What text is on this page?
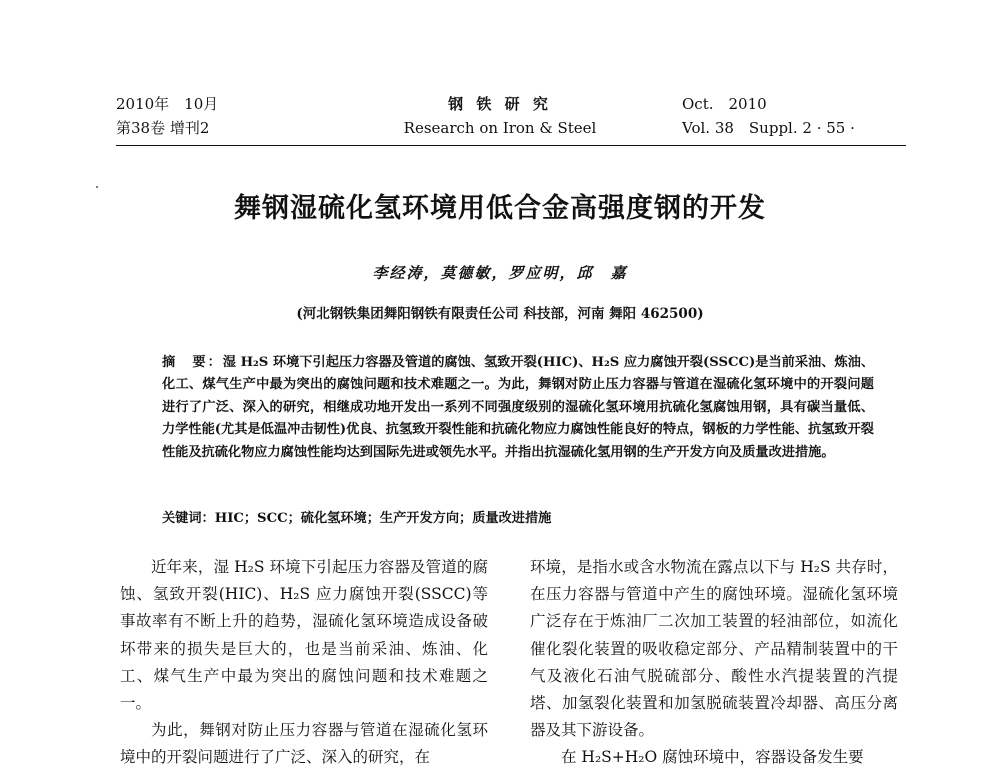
2010年　10月
第38卷 增刊2
钢 铁 研 究
Research on Iron & Steel
Oct.　2010
Vol. 38　Suppl. 2 · 55 ·
舞钢湿硫化氢环境用低合金高强度钢的开发
李经涛，莫德敏，罗应明，邱　嘉
(河北钢铁集团舞阳钢铁有限责任公司 科技部，河南 舞阳 462500)
摘　要：湿 H₂S 环境下引起压力容器及管道的腐蚀、氢致开裂(HIC)、H₂S 应力腐蚀开裂(SSCC)是当前采油、炼油、化工、煤气生产中最为突出的腐蚀问题和技术难题之一。为此，舞钢对防止压力容器与管道在湿硫化氢环境中的开裂问题进行了广泛、深入的研究，相继成功地开发出一系列不同强度级别的湿硫化氢环境用抗硫化氢腐蚀用钢，具有碳当量低、力学性能(尤其是低温冲击韧性)优良、抗氢致开裂性能和抗硫化物应力腐蚀性能良好的特点，钢板的力学性能、抗氢致开裂性能及抗硫化物应力腐蚀性能均达到国际先进或领先水平。并指出抗湿硫化氢用钢的生产开发方向及质量改进措施。
关键词：HIC；SCC；硫化氢环境；生产开发方向；质量改进措施

近年来，湿 H₂S 环境下引起压力容器及管道的腐蚀、氢致开裂(HIC)、H₂S 应力腐蚀开裂(SSCC)等事故率有不断上升的趋势，湿硫化氢环境造成设备破坏带来的损失是巨大的，也是当前采油、炼油、化工、煤气生产中最为突出的腐蚀问题和技术难题之一。

为此，舞钢对防止压力容器与管道在湿硫化氢环境中的开裂问题进行了广泛、深入的研究，在

环境，是指水或含水物流在露点以下与 H₂S 共存时，在压力容器与管道中产生的腐蚀环境。湿硫化氢环境广泛存在于炼油厂二次加工装置的轻油部位，如流化催化裂化装置的吸收稳定部分、产品精制装置中的干气及液化石油气脱硫部分、酸性水汽提装置的汽提塔、加氢裂化装置和加氢脱硫装置冷却器、高压分离器及其下游设备。

在 H₂S+H₂O 腐蚀环境中，容器设备发生要
